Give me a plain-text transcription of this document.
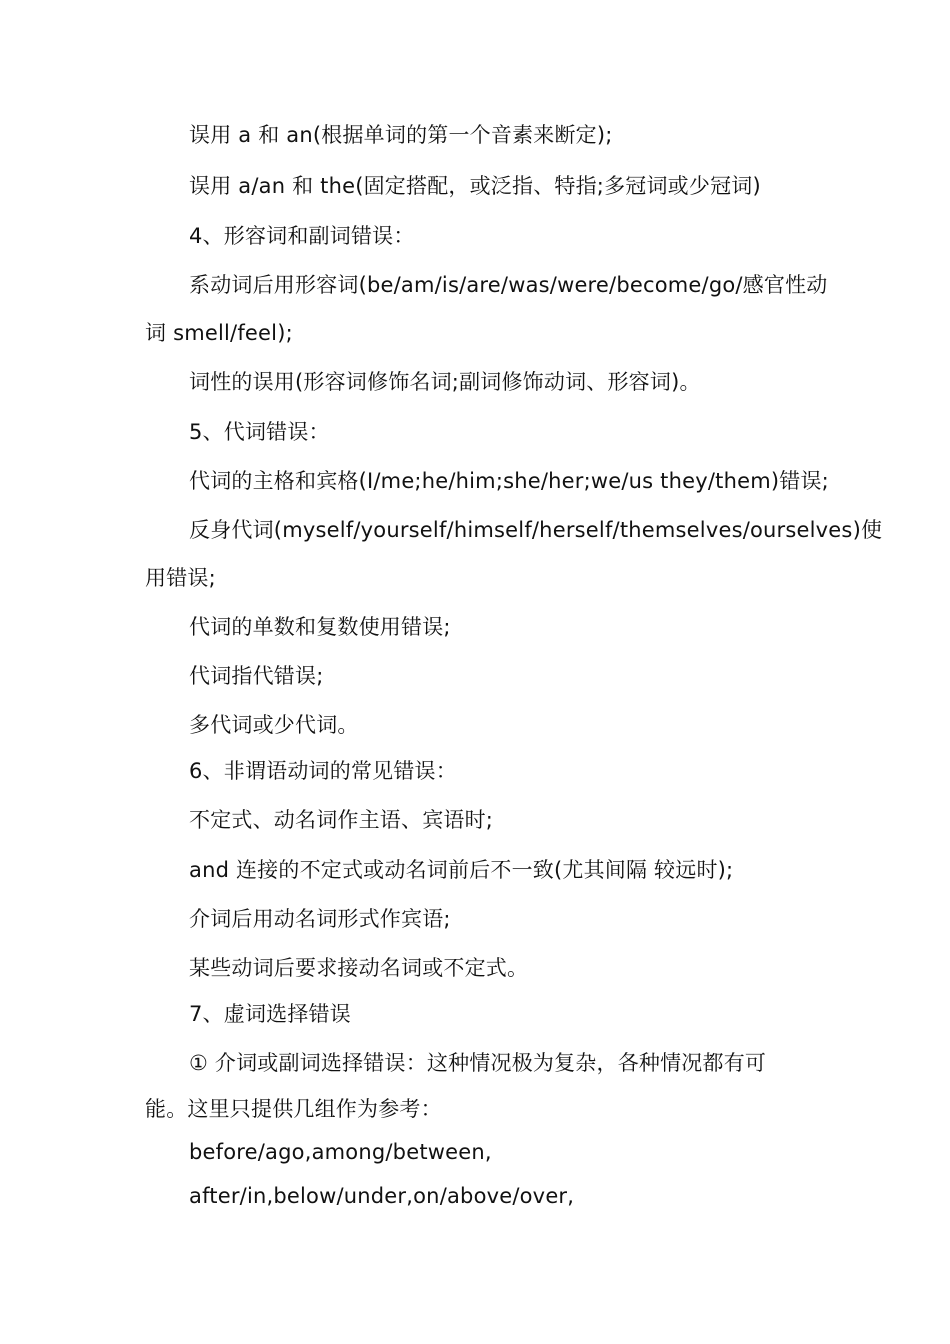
误用 a 和 an(根据单词的第一个音素来断定);
误用 a/an 和 the(固定搭配，或泛指、特指;多冠词或少冠词)
4、形容词和副词错误：
系动词后用形容词(be/am/is/are/was/were/become/go/感官性动
词 smell/feel);
词性的误用(形容词修饰名词;副词修饰动词、形容词)。
5、代词错误：
代词的主格和宾格(I/me;he/him;she/her;we/us they/them)错误;
反身代词(myself/yourself/himself/herself/themselves/ourselves)使
用错误;
代词的单数和复数使用错误;
代词指代错误;
多代词或少代词。
6、非谓语动词的常见错误：
不定式、动名词作主语、宾语时;
and 连接的不定式或动名词前后不一致(尤其间隔 较远时);
介词后用动名词形式作宾语;
某些动词后要求接动名词或不定式。
7、虚词选择错误
① 介词或副词选择错误：这种情况极为复杂，各种情况都有可
能。这里只提供几组作为参考：
before/ago,among/between,
after/in,below/under,on/above/over,
